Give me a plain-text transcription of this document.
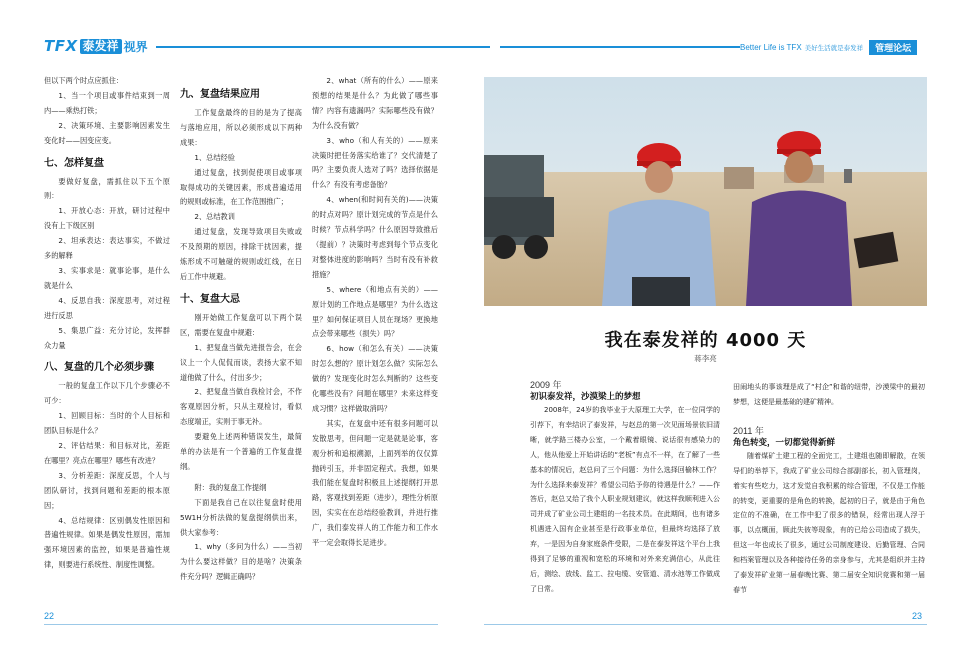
TFX 泰发祥 视界	Better Life is TFX 美好生活就是泰发祥	管理论坛

但以下两个时点应抓住：

1、当一个项目或事件结束到一周内——乘热打铁；

2、决策环境、主要影响因素发生变化时——因变应变。

七、怎样复盘

要做好复盘，需抓住以下五个原则：

1、开放心态：开放，研讨过程中没有上下级区别

2、坦承表达：表达事实，不做过多的解释

3、实事求是：就事论事，是什么就是什么

4、反思自我：深度思考，对过程进行反思

5、集思广益：充分讨论，发挥群众力量

八、复盘的几个必须步骤

一般的复盘工作以下几个步骤必不可少：

1、回顾目标：当时的个人目标和团队目标是什么？

2、评估结果：和目标对比，差距在哪里？亮点在哪里？哪些有改进？

3、分析差距：深度反思，个人与团队研讨，找到问题和差距的根本原因；

4、总结规律：区别偶发性原因和普遍性规律。如果是偶发性原因，需加强环境因素的监控，如果是普遍性规律，则要进行系统性、制度性调整。

九、复盘结果应用

工作复盘最终的目的是为了提高与落地应用，所以必须形成以下两种成果：

1、总结经验

通过复盘，找到促使项目或事项取得成功的关键因素，形成普遍适用的规则或标准，在工作范围推广；

2、总结教训

通过复盘，发现导致项目失败或不及预期的原因，排除干扰因素，提炼形成不可触碰的规则或红线，在日后工作中规避。

十、复盘大忌

刚开始做工作复盘可以下两个误区，需要在复盘中规避：

1、把复盘当做先进报告会，在会议上一个人侃侃而谈，表扬大家不知道他做了什么，付出多少；

2、把复盘当做自我检讨会，不作客观原因分析，只从主观检讨，看似态度端正，实则于事无补。

要避免上述两种错误发生，最简单的办法是有一个普遍的工作复盘提纲。

附：我的复盘工作提纲

下面是我自己在以往复盘时使用5W1H分析法做的复盘提纲供出来，供大家参考：

1、why（多问为什么）——当初为什么要这样做？目的是啥？决策条件充分吗？逻辑正确吗？

2、what（所有的什么）——原来预想的结果是什么？为此做了哪些事情？内容有遗漏吗？实际哪些没有做？为什么没有做？

3、who（和人有关的）——原来决策时把任务落实给谁了？交代清楚了吗？主要负责人选对了吗？选择依据是什么？有没有考虑备胎？

4、when(和时间有关的)——决策的时点对吗？原计划完成的节点是什么时候？节点科学吗？什么原因导致推后（提前）？决策时考虑到每个节点变化对整体进度的影响吗？当时有没有补救措施？

5、where（和地点有关的）——原计划的工作地点是哪里？为什么选这里？如何保证项目人员在现场？更换地点会带来哪些（损失）吗？

6、how（和怎么有关）——决策时怎么想的？原计划怎么做？实际怎么做的？发现变化时怎么判断的？这些变化哪些没有？问题在哪里？未来这样变成习惯？这样做取消吗？

其实，在复盘中还有很多问题可以发散思考，但问题一定是就是论事，客观分析和追根溯源，上面列举的仅仅算抛砖引玉，并非固定程式。我想，如果我们能在复盘时积极且上述提纲打开思路，客观找到差距（进步），理性分析原因，实实在在总结经验教训，并进行推广，我们泰发祥人的工作能力和工作水平一定会取得长足进步。

我在泰发祥的 4000 天
蒋李亮
2009 年
初识泰发祥，沙漠梁上的梦想

2008年，24岁的我毕业于大原理工大学，在一位同学的引荐下，有幸结识了泰发祥，与赵总的第一次见面场景依旧清晰，就学路三楼办公室，一个戴着眼镜、说话很有感染力的人，他从他爱上开始讲话的“老板”有点不一样，在了解了一些基本的情况后，赵总问了三个问题：为什么选择回榆林工作？为什么选择来泰发祥？希望公司给予你的待遇是什么？——作答后，赵总又给了我个人职业规划建议，就这样我顺利进入公司并成了矿业公司土建组的一名技术员。在此期间，也有诸多机遇进入国有企业甚至是行政事业单位，但最终均选择了放弃，一是因为自身家庭条件受限，二是在泰发祥这个平台上我得到了足够的重视和宽松的环境和对外来充满信心，从此往后，测绘、放线、监工、拉电缆、安管道、清水池等工作做成了日常。

田闹地头的事该理是成了“村企”和谐的纽带，沙漠梁中的最初梦想，这便是最基础的建矿精神。

2011 年
角色转变，一切都觉得新鲜

随着煤矿土建工程的全面完工，土建组也随即解散，在领导们的举荐下，我成了矿业公司综合部副部长，初入管理岗，着实有些吃力，这才发觉自我积累的综合管理，不仅是工作能的转变，更重要的是角色的转换，起初的日子，就是由于角色定位的不准确，在工作中犯了很多的错误，经常出现人浮于事，以点概面，顾此失彼等现象，有的已给公司造成了损失，但这一年也成长了很多，通过公司制度建设、后勤管理、合同和档案管理以及各种接待任务的亲身参与，尤其是组织并主持了泰发祥矿业第一届春晚比赛、第二届安全知识竞赛和第一届春节

22	23
